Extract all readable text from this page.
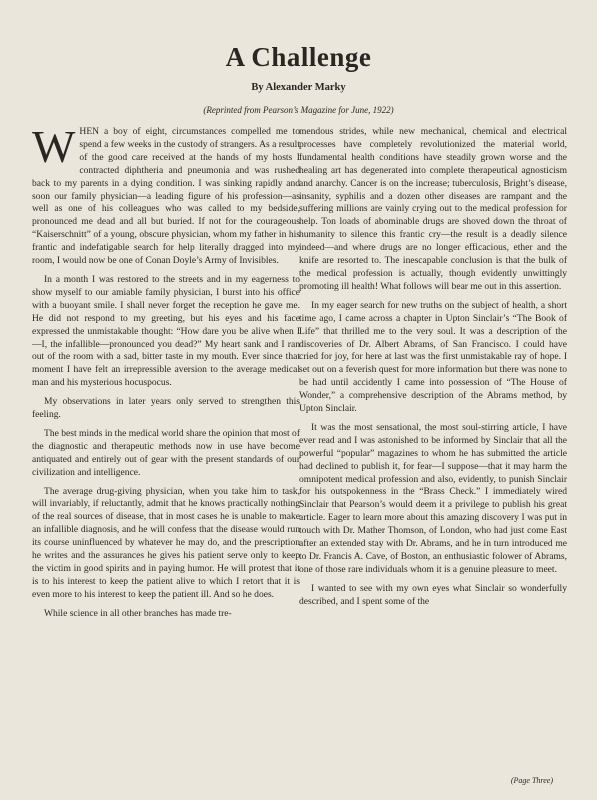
A Challenge
By Alexander Marky
(Reprinted from Pearson’s Magazine for June, 1922)

WHEN a boy of eight, circumstances compelled me to spend a few weeks in the custody of strangers. As a result of the good care received at the hands of my hosts I contracted diphtheria and pneumonia and was rushed back to my parents in a dying condition. I was sinking rapidly and soon our family physician—a leading figure of his profession—as well as one of his colleagues who was called to my bedside, pronounced me dead and all but buried. If not for the courageous “Kaiserschnitt” of a young, obscure physician, whom my father in his frantic and indefatigable search for help literally dragged into my room, I would now be one of Conan Doyle’s Army of Invisibles.

In a month I was restored to the streets and in my eagerness to show myself to our amiable family physician, I burst into his office with a buoyant smile. I shall never forget the reception he gave me. He did not respond to my greeting, but his eyes and his face expressed the unmistakable thought: “How dare you be alive when I—I, the infallible—pronounced you dead?” My heart sank and I ran out of the room with a sad, bitter taste in my mouth. Ever since that moment I have felt an irrepressible aversion to the average medical man and his mysterious hocuspocus.

My observations in later years only served to strengthen this feeling.

The best minds in the medical world share the opinion that most of the diagnostic and therapeutic methods now in use have become antiquated and entirely out of gear with the present standards of our civilization and intelligence.

The average drug-giving physician, when you take him to task, will invariably, if reluctantly, admit that he knows practically nothing of the real sources of disease, that in most cases he is unable to make an infallible diagnosis, and he will confess that the disease would run its course uninfluenced by whatever he may do, and the prescription he writes and the assurances he gives his patient serve only to keep the victim in good spirits and in paying humor. He will protest that it is to his interest to keep the patient alive to which I retort that it is even more to his interest to keep the patient ill. And so he does.

While science in all other branches has made tre-

mendous strides, while new mechanical, chemical and electrical processes have completely revolutionized the material world, fundamental health conditions have steadily grown worse and the healing art has degenerated into complete therapeutical agnosticism and anarchy. Cancer is on the increase; tuberculosis, Bright’s disease, insanity, syphilis and a dozen other diseases are rampant and the suffering millions are vainly crying out to the medical profession for help. Ton loads of abominable drugs are shoved down the throat of humanity to silence this frantic cry—the result is a deadly silence indeed—and where drugs are no longer efficacious, ether and the knife are resorted to. The inescapable conclusion is that the bulk of the medical profession is actually, though evidently unwittingly promoting ill health! What follows will bear me out in this assertion.

In my eager search for new truths on the subject of health, a short time ago, I came across a chapter in Upton Sinclair’s “The Book of Life” that thrilled me to the very soul. It was a description of the discoveries of Dr. Albert Abrams, of San Francisco. I could have cried for joy, for here at last was the first unmistakable ray of hope. I set out on a feverish quest for more information but there was none to be had until accidently I came into possession of “The House of Wonder,” a comprehensive description of the Abrams method, by Upton Sinclair.

It was the most sensational, the most soul-stirring article, I have ever read and I was astonished to be informed by Sinclair that all the powerful “popular” magazines to whom he has submitted the article had declined to publish it, for fear—I suppose—that it may harm the omnipotent medical profession and also, evidently, to punish Sinclair for his outspokenness in the “Brass Check.” I immediately wired Sinclair that Pearson’s would deem it a privilege to publish his great article. Eager to learn more about this amazing discovery I was put in touch with Dr. Mather Thomson, of London, who had just come East after an extended stay with Dr. Abrams, and he in turn introduced me to Dr. Francis A. Cave, of Boston, an enthusiastic folower of Abrams, one of those rare individuals whom it is a genuine pleasure to meet.

I wanted to see with my own eyes what Sinclair so wonderfully described, and I spent some of the

(Page Three)
